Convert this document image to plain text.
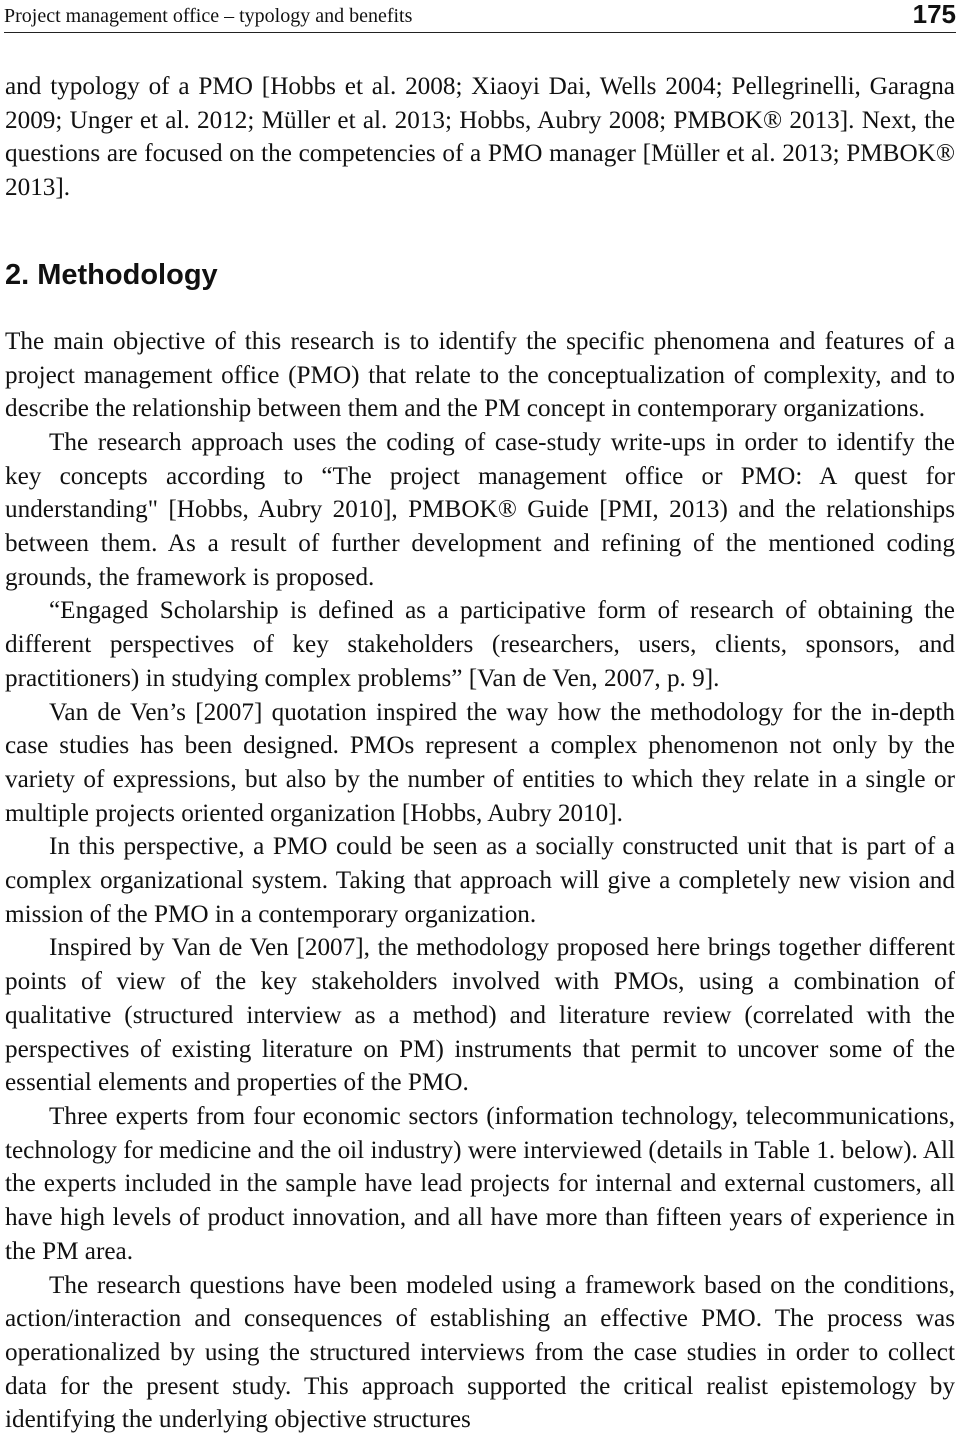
Project management office – typology and benefits	175

and typology of a PMO [Hobbs et al. 2008; Xiaoyi Dai, Wells 2004; Pellegrinelli, Garagna 2009; Unger et al. 2012; Müller et al. 2013; Hobbs, Aubry 2008; PMBOK® 2013]. Next, the questions are focused on the competencies of a PMO manager [Müller et al. 2013; PMBOK® 2013].

2. Methodology

The main objective of this research is to identify the specific phenomena and features of a project management office (PMO) that relate to the conceptualization of complexity, and to describe the relationship between them and the PM concept in contemporary organizations.

The research approach uses the coding of case-study write-ups in order to identify the key concepts according to “The project management office or PMO: A quest for understanding" [Hobbs, Aubry 2010], PMBOK® Guide [PMI, 2013) and the relationships between them. As a result of further development and refining of the mentioned coding grounds, the framework is proposed.

“Engaged Scholarship is defined as a participative form of research of obtaining the different perspectives of key stakeholders (researchers, users, clients, sponsors, and practitioners) in studying complex problems” [Van de Ven, 2007, p. 9].

Van de Ven’s [2007] quotation inspired the way how the methodology for the in-depth case studies has been designed. PMOs represent a complex phenomenon not only by the variety of expressions, but also by the number of entities to which they relate in a single or multiple projects oriented organization [Hobbs, Aubry 2010].

In this perspective, a PMO could be seen as a socially constructed unit that is part of a complex organizational system. Taking that approach will give a completely new vision and mission of the PMO in a contemporary organization.

Inspired by Van de Ven [2007], the methodology proposed here brings together different points of view of the key stakeholders involved with PMOs, using a combination of qualitative (structured interview as a method) and literature review (correlated with the perspectives of existing literature on PM) instruments that permit to uncover some of the essential elements and properties of the PMO.

Three experts from four economic sectors (information technology, telecommunications, technology for medicine and the oil industry) were interviewed (details in Table 1. below). All the experts included in the sample have lead projects for internal and external customers, all have high levels of product innovation, and all have more than fifteen years of experience in the PM area.

The research questions have been modeled using a framework based on the conditions, action/interaction and consequences of establishing an effective PMO. The process was operationalized by using the structured interviews from the case studies in order to collect data for the present study. This approach supported the critical realist epistemology by identifying the underlying objective structures
